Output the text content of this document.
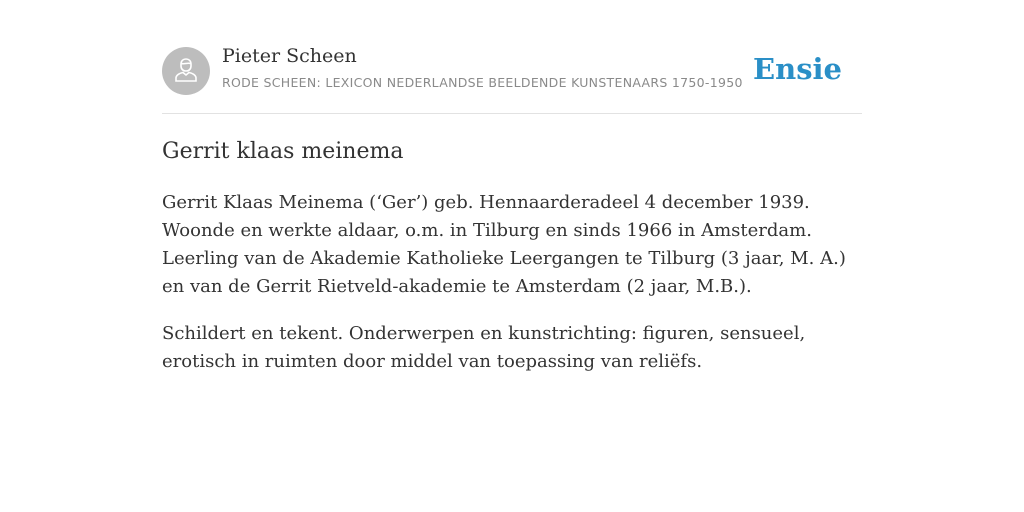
Pieter Scheen
RODE SCHEEN: LEXICON NEDERLANDSE BEELDENDE KUNSTENAARS 1750-1950 Ensie
Gerrit klaas meinema

Gerrit Klaas Meinema (‘Ger’) geb. Hennaarderadeel 4 december 1939. Woonde en werkte aldaar, o.m. in Tilburg en sinds 1966 in Amsterdam. Leerling van de Akademie Katholieke Leergangen te Tilburg (3 jaar, M. A.) en van de Gerrit Rietveld-akademie te Amsterdam (2 jaar, M.B.).

Schildert en tekent. Onderwerpen en kunstrichting: figuren, sensueel, erotisch in ruimten door middel van toepassing van reliëfs.
